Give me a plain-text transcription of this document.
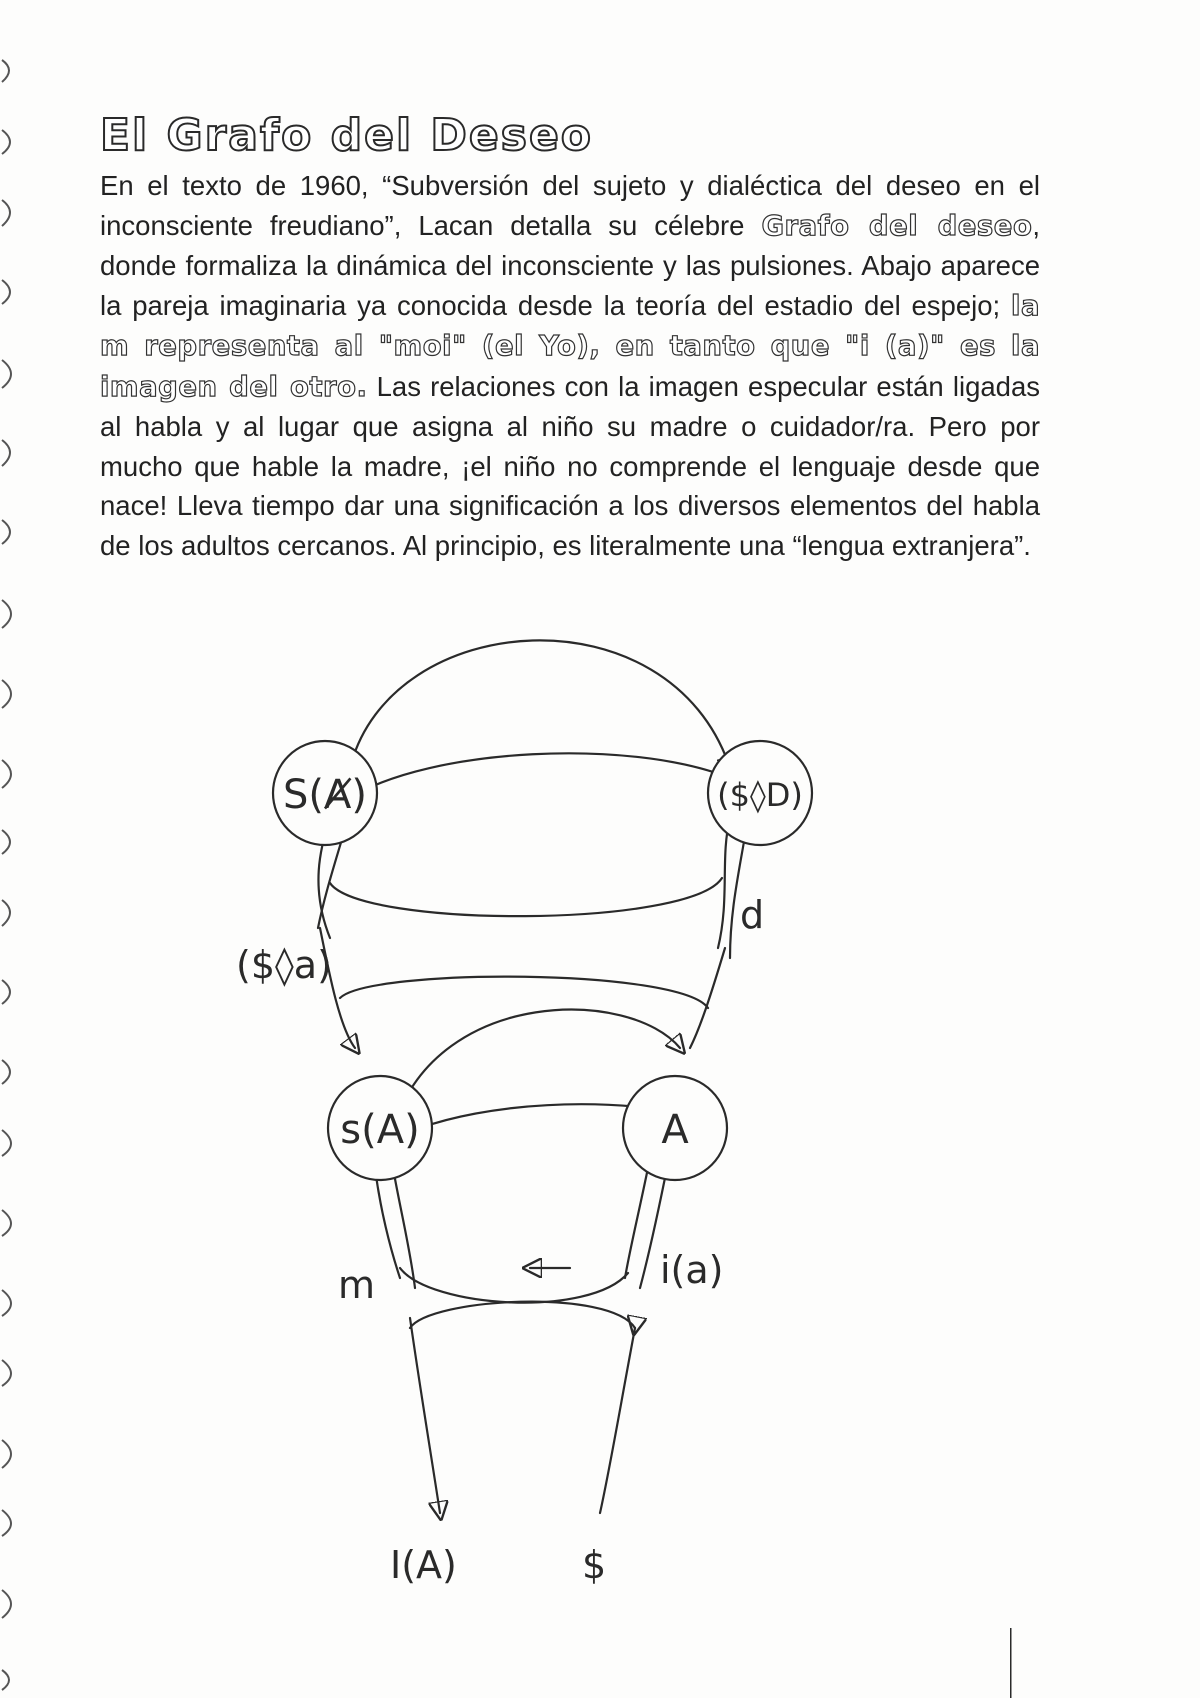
El Grafo del Deseo

En el texto de 1960, “Subversión del sujeto y dialéctica del deseo en el inconsciente freudiano”, Lacan detalla su célebre Grafo del deseo, donde formaliza la dinámica del inconsciente y las pulsiones. Abajo aparece la pareja imaginaria ya conocida desde la teoría del estadio del espejo; la m representa al "moi" (el Yo), en tanto que "i (a)" es la imagen del otro. Las relaciones con la imagen especular están ligadas al habla y al lugar que asigna al niño su madre o cuidador/ra. Pero por mucho que hable la madre, ¡el niño no comprende el lenguaje desde que nace! Lleva tiempo dar una significación a los diversos elementos del habla de los adultos cercanos. Al principio, es literalmente una “lengua extranjera”.

S(Ⱥ)	($◊D)
s(A)	A
($◊a)
d
m	i(a)
I(A)	$
